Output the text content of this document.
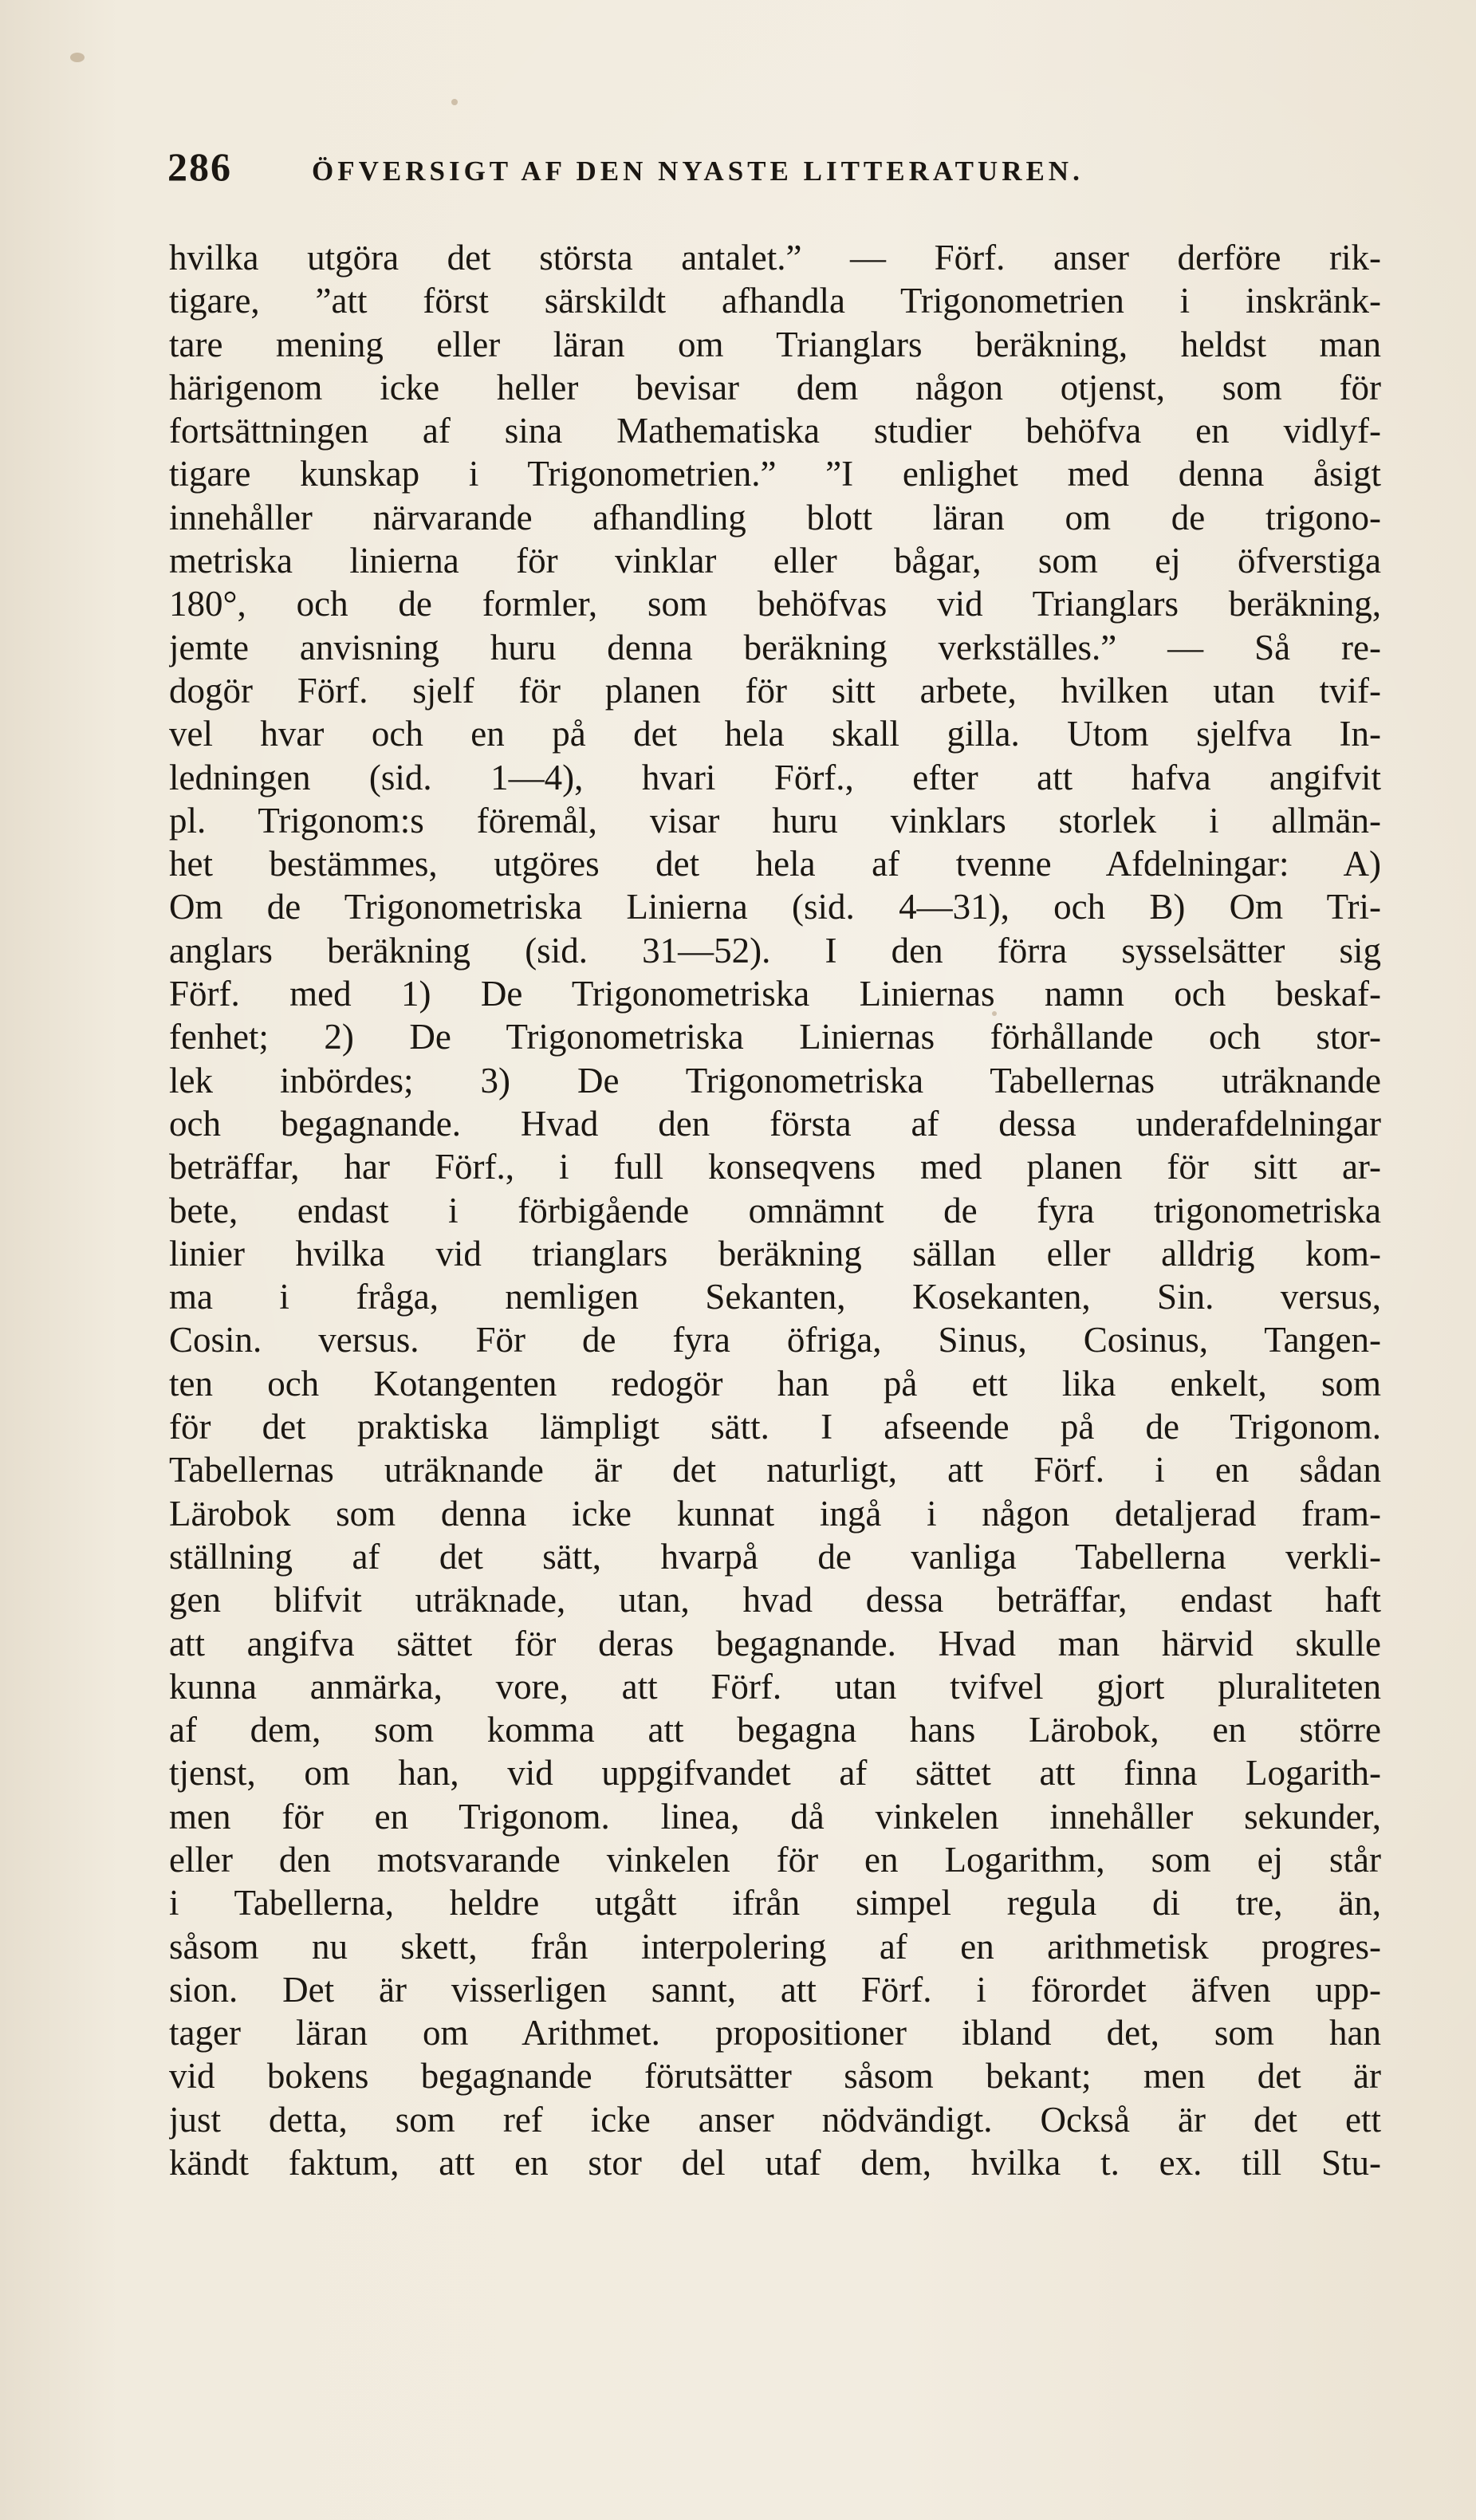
286	ÖFVERSIGT AF DEN NYASTE LITTERATUREN.
hvilka utgöra det största antalet.” — Förf. anser derföre rik-
tigare, ”att först särskildt afhandla Trigonometrien i inskränk-
tare mening eller läran om Trianglars beräkning, heldst man
härigenom icke heller bevisar dem någon otjenst, som för
fortsättningen af sina Mathematiska studier behöfva en vidlyf-
tigare kunskap i Trigonometrien.” ”I enlighet med denna åsigt
innehåller närvarande afhandling blott läran om de trigono-
metriska linierna för vinklar eller bågar, som ej öfverstiga
180°, och de formler, som behöfvas vid Trianglars beräkning,
jemte anvisning huru denna beräkning verkställes.” — Så re-
dogör Förf. sjelf för planen för sitt arbete, hvilken utan tvif-
vel hvar och en på det hela skall gilla. Utom sjelfva In-
ledningen (sid. 1—4), hvari Förf., efter att hafva angifvit
pl. Trigonom:s föremål, visar huru vinklars storlek i allmän-
het bestämmes, utgöres det hela af tvenne Afdelningar: A)
Om de Trigonometriska Linierna (sid. 4—31), och B) Om Tri-
anglars beräkning (sid. 31—52). I den förra sysselsätter sig
Förf. med 1) De Trigonometriska Liniernas namn och beskaf-
fenhet; 2) De Trigonometriska Liniernas förhållande och stor-
lek inbördes; 3) De Trigonometriska Tabellernas uträknande
och begagnande. Hvad den första af dessa underafdelningar
beträffar, har Förf., i full konseqvens med planen för sitt ar-
bete, endast i förbigående omnämnt de fyra trigonometriska
linier hvilka vid trianglars beräkning sällan eller alldrig kom-
ma i fråga, nemligen Sekanten, Kosekanten, Sin. versus,
Cosin. versus. För de fyra öfriga, Sinus, Cosinus, Tangen-
ten och Kotangenten redogör han på ett lika enkelt, som
för det praktiska lämpligt sätt. I afseende på de Trigonom.
Tabellernas uträknande är det naturligt, att Förf. i en sådan
Lärobok som denna icke kunnat ingå i någon detaljerad fram-
ställning af det sätt, hvarpå de vanliga Tabellerna verkli-
gen blifvit uträknade, utan, hvad dessa beträffar, endast haft
att angifva sättet för deras begagnande. Hvad man härvid skulle
kunna anmärka, vore, att Förf. utan tvifvel gjort pluraliteten
af dem, som komma att begagna hans Lärobok, en större
tjenst, om han, vid uppgifvandet af sättet att finna Logarith-
men för en Trigonom. linea, då vinkelen innehåller sekunder,
eller den motsvarande vinkelen för en Logarithm, som ej står
i Tabellerna, heldre utgått ifrån simpel regula di tre, än,
såsom nu skett, från interpolering af en arithmetisk progres-
sion. Det är visserligen sannt, att Förf. i förordet äfven upp-
tager läran om Arithmet. propositioner ibland det, som han
vid bokens begagnande förutsätter såsom bekant; men det är
just detta, som ref icke anser nödvändigt. Också är det ett
kändt faktum, att en stor del utaf dem, hvilka t. ex. till Stu-
